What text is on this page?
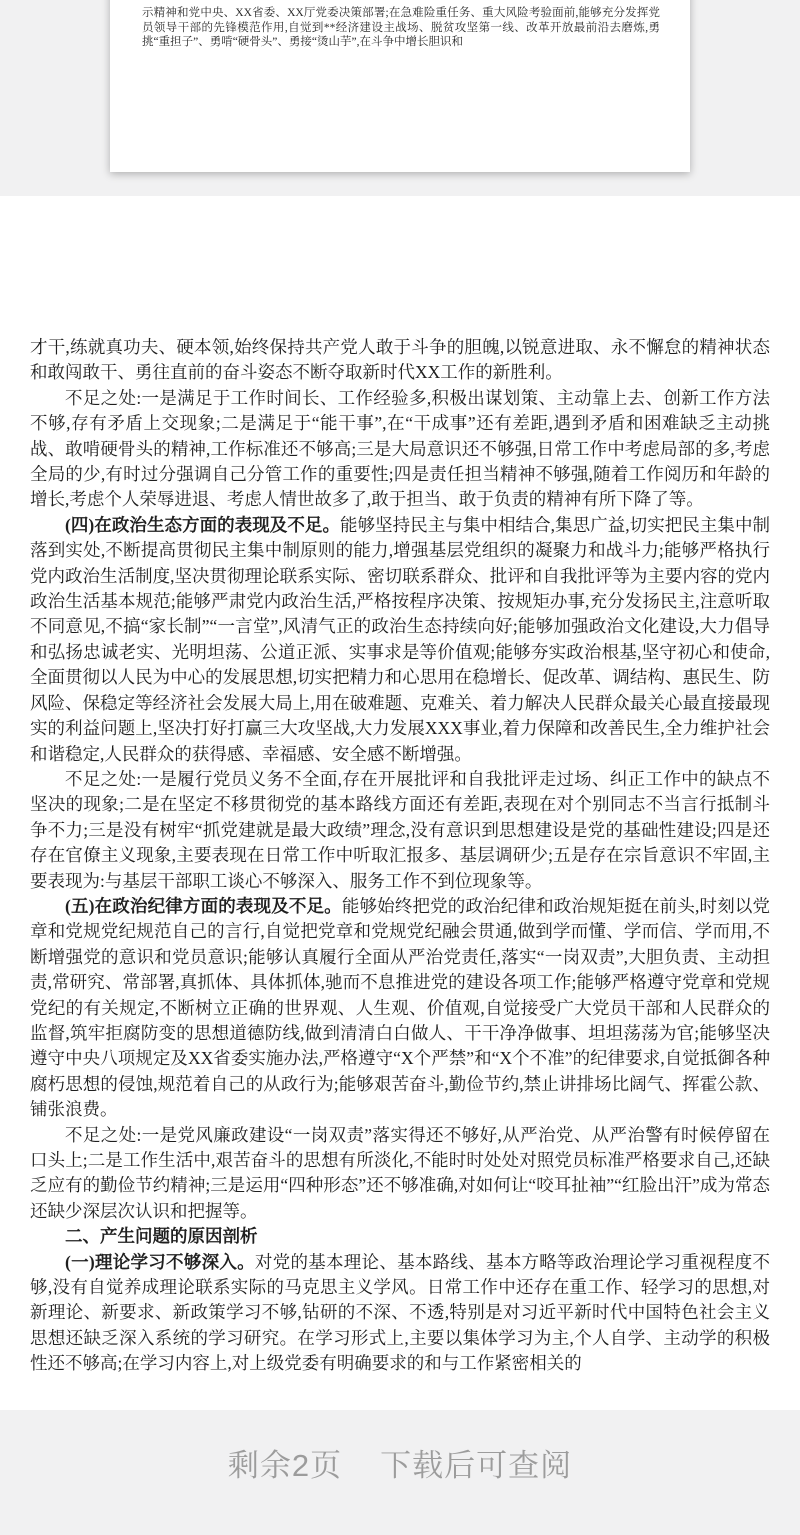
示精神和党中央、XX省委、XX厅党委决策部署;在急难险重任务、重大风险考验面前,能够充分发挥党员领导干部的先锋模范作用,自觉到**经济建设主战场、脱贫攻坚第一线、改革开放最前沿去磨炼,勇挑“重担子”、勇啃“硬骨头”、勇接“烫山芋”,在斗争中增长胆识和

才干,练就真功夫、硬本领,始终保持共产党人敢于斗争的胆魄,以锐意进取、永不懈怠的精神状态和敢闯敢干、勇往直前的奋斗姿态不断夺取新时代XX工作的新胜利。

不足之处:一是满足于工作时间长、工作经验多,积极出谋划策、主动靠上去、创新工作方法不够,存有矛盾上交现象;二是满足于“能干事”,在“干成事”还有差距,遇到矛盾和困难缺乏主动挑战、敢啃硬骨头的精神,工作标准还不够高;三是大局意识还不够强,日常工作中考虑局部的多,考虑全局的少,有时过分强调自己分管工作的重要性;四是责任担当精神不够强,随着工作阅历和年龄的增长,考虑个人荣辱进退、考虑人情世故多了,敢于担当、敢于负责的精神有所下降了等。

(四)在政治生态方面的表现及不足。能够坚持民主与集中相结合,集思广益,切实把民主集中制落到实处,不断提高贯彻民主集中制原则的能力,增强基层党组织的凝聚力和战斗力;能够严格执行党内政治生活制度,坚决贯彻理论联系实际、密切联系群众、批评和自我批评等为主要内容的党内政治生活基本规范;能够严肃党内政治生活,严格按程序决策、按规矩办事,充分发扬民主,注意听取不同意见,不搞“家长制”“一言堂”,风清气正的政治生态持续向好;能够加强政治文化建设,大力倡导和弘扬忠诚老实、光明坦荡、公道正派、实事求是等价值观;能够夯实政治根基,坚守初心和使命,全面贯彻以人民为中心的发展思想,切实把精力和心思用在稳增长、促改革、调结构、惠民生、防风险、保稳定等经济社会发展大局上,用在破难题、克难关、着力解决人民群众最关心最直接最现实的利益问题上,坚决打好打赢三大攻坚战,大力发展XXX事业,着力保障和改善民生,全力维护社会和谐稳定,人民群众的获得感、幸福感、安全感不断增强。

不足之处:一是履行党员义务不全面,存在开展批评和自我批评走过场、纠正工作中的缺点不坚决的现象;二是在坚定不移贯彻党的基本路线方面还有差距,表现在对个别同志不当言行抵制斗争不力;三是没有树牢“抓党建就是最大政绩”理念,没有意识到思想建设是党的基础性建设;四是还存在官僚主义现象,主要表现在日常工作中听取汇报多、基层调研少;五是存在宗旨意识不牢固,主要表现为:与基层干部职工谈心不够深入、服务工作不到位现象等。

(五)在政治纪律方面的表现及不足。能够始终把党的政治纪律和政治规矩挺在前头,时刻以党章和党规党纪规范自己的言行,自觉把党章和党规党纪融会贯通,做到学而懂、学而信、学而用,不断增强党的意识和党员意识;能够认真履行全面从严治党责任,落实“一岗双责”,大胆负责、主动担责,常研究、常部署,真抓体、具体抓体,驰而不息推进党的建设各项工作;能够严格遵守党章和党规党纪的有关规定,不断树立正确的世界观、人生观、价值观,自觉接受广大党员干部和人民群众的监督,筑牢拒腐防变的思想道德防线,做到清清白白做人、干干净净做事、坦坦荡荡为官;能够坚决遵守中央八项规定及XX省委实施办法,严格遵守“X个严禁”和“X个不准”的纪律要求,自觉抵御各种腐朽思想的侵蚀,规范着自己的从政行为;能够艰苦奋斗,勤俭节约,禁止讲排场比阔气、挥霍公款、铺张浪费。

不足之处:一是党风廉政建设“一岗双责”落实得还不够好,从严治党、从严治警有时候停留在口头上;二是工作生活中,艰苦奋斗的思想有所淡化,不能时时处处对照党员标准严格要求自己,还缺乏应有的勤俭节约精神;三是运用“四种形态”还不够准确,对如何让“咬耳扯袖”“红脸出汗”成为常态还缺少深层次认识和把握等。

二、产生问题的原因剖析

(一)理论学习不够深入。对党的基本理论、基本路线、基本方略等政治理论学习重视程度不够,没有自觉养成理论联系实际的马克思主义学风。日常工作中还存在重工作、轻学习的思想,对新理论、新要求、新政策学习不够,钻研的不深、不透,特别是对习近平新时代中国特色社会主义思想还缺乏深入系统的学习研究。在学习形式上,主要以集体学习为主,个人自学、主动学的积极性还不够高;在学习内容上,对上级党委有明确要求的和与工作紧密相关的

剩余2页 下载后可查阅
